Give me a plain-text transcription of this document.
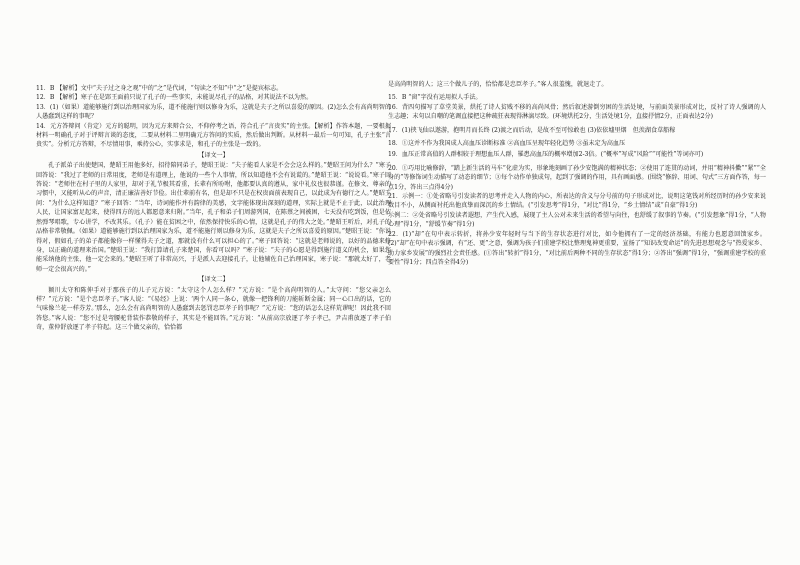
11．B 【解析】文中“夫子过之身之观”中的“之”是代词，“句读之不知”中“之”是提宾标志。

12．B 【解析】寒子在是郢王面前只说了孔子的一些事实，未能说尽孔子的品格，对其说法不以为然。

13．(1)（如果）道能够施行到以治理国家为乐，道不能施行则以修身为乐，这就是夫子之所以喜爱的原因。(2)怎么会有高尚明智的人愚蠢到这样的事呢？

14．元方答辩问（肯定）元方的聪明，因为元方来辩合公，不仰停考之语，符合孔子“言贵实”的主张。【解析】作答本题，一要根据材料一明确孔子对于评辩言谈的态度，二要从材料二里明确元方答问的实质，然后做出判断。从材料一最后一句可知，孔子主张“言贵实”。分析元方答辩，不尽情用事，乘持公心，实事求是，和孔子的主张是一致的。

【译文一】

孔子派弟子出使楚国，楚昭王用他多好，招待陪同弟子，楚昭王说：“夫子能看人家是不会会这么样的。”楚昭王问为什么？”寒子回答说：“我过了老师的日常用度，老师是有道理上，他说的一些个人事情，所以知道他不会有说谎的。”楚昭王说：“说说看。”寒子回答说：“老师住在村子里的人家里，却对于礼节极其看重，长辈有所吩咐，他都要认真的遵从，家中礼仪也很恭谨。在修文、尊亲的习惯中，又能听从心的声音，清正廉洁善好节俭。出仕辈前有名，但是却不只是在权贵面前表现自己，以此成为有德行之人。”楚昭王问：“为什么这样知道？”寒子回答：“当年，诗词能作并有韵律的美感，文字能体现出深刻的道理，实际上就是不止于此，以此治理人民，让国家富足起来，使得四方的远人都愿意来归附。”当年，孔子和弟子们周游列国，在陈蔡之间被困，七天没有吃到饭，但是依然弹琴唱歌，专心讲学，不改其乐。（孔子）能在贫困之中，依然保持快乐的心情，这就是孔子的伟大之处。”楚昭王听后，对孔子的品格非常敬佩。（如果）道能够施行到以治理国家为乐，道不能施行则以修身为乐，这就是夫子之所以喜爱的原因。”楚昭王说：“你说得对，假如孔子的弟子都能像你一样懂得夫子之道，那就没有什么可以担心的了。”寒子回答说：“这就是老师说的，以好的品德来修身，以正确的道理来治国。”楚昭王说：“我打算请孔子来楚国，你看可以吗？”寒子说：“夫子的心愿是得到施行道义的机会，如果您能采纳他的主张，他一定会来的。”楚昭王听了非常高兴，于是派人去迎接孔子，让他辅佐自己治理国家，寒子说：“那就太好了，老师一定会很高兴的。”

【译文二】

颍川太守和陈伸手对于那孩子的儿子元方说：“太守这个人怎么样？”元方说：“是个高尚明智的人。”太守问：“您父亲怎么样？”元方说：“是个忠臣孝子。”客人说：“《易经》上说：‘两个人同一条心，就像一把锋利的刀能斩断金属；同一心口出的话，它的气味像兰花一样芬芳。’那么，怎么会有高尚明智的人愚蠢到去惩罚忠臣孝子的事呢？”元方说：“您的话怎么这样荒谬呢！因此我不回答您。”客人说：“您不过是弯腰驼背装作恭敬的样子，其实是不能回答。”元方说：“从前高宗放逐了孝子孝己，尹吉甫放逐了孝子伯奇，董仲舒放逐了孝子符起。这三个做父亲的，恰恰都

是高尚明智的人；这三个做儿子的，恰恰都是忠臣孝子。”客人很羞愧，就退走了。

15．B “窗”字没有运用拟人手法。

16．背四句描写了草堂美景，烘托了诗人贫贱不移的高尚风骨；然后叙述游倒穷困的生活处境，与前面美景形成对比，反衬了诗人强调的人生志趣；末句以自嘲的笔调直接把这种疏狂表现得淋漓尽致。(环境烘托2分，生活处境1分，直接抒情2分，正面表达2分)

17．(1)挟飞仙以遨游，抱明月而长终 (2)渡之而后动，是故不至可惊敢也 (3)依依墟里烟　但羡湖食草船稼

18．①这并不作为我国成人高血压诊断标准 ②高血压呈现年轻化趋势 ③虽未定为高血压

19．血压正常高值的人群相较于理想血压人群，罹患高血压的概率增加2-3倍。(“概率”写成“风险”“可能性”等词亦可)

20．①巧用比喻修辞，“踏上新生活的马车”化虚为实，形象地刻画了孙少安饱满的精神状态；②使用了连贯的动词，并用“精神抖擞”“紧”“全身的”等修饰词生动描写了动态的细节；③每个动作单独成句，起到了强调的作用，具有画面感。(围绕“修辞、用词、句式”三方面作答，每一点1分，答出三点得4分)

21．示例一：①处省略号引发读者的思考并走入人物的内心，所表达的含义与分号前的句子形成对比，说明这笔钱对所经历时的孙少安来说数目不小，从侧面衬托出他真挚而深沉的乡土情结。(“引发思考”得1分，“对比”得1分，“乡土情结”或“自豪”得1分)

示例二：②处省略号引发读者遐想，产生代入感，展现了主人公对未来生活的希望与向往，也舒缓了叙事的节奏。(“引发想象”得1分，“人物心理”得1分，“舒缓节奏”得1分)

22．(1)“却”在句中表示转折，将孙少安年轻时与当下的生存状态进行对比，如今他拥有了一定的经济基础，有能力也愿意回馈家乡。(2)“却”在句中表示强调，有“还、更”之意，强调为孩子们重建学校比整理鬼神更重要，宣扬了“知识改变命运”的先进思想观念与“热爱家乡、助力家乡发展”的强烈社会责任感。(①答出“转折”得1分，“对比前后两种不同的生存状态”得1分；②答出“强调”得1分，“强调重建学校的重要性”得1分；四点答全得4分)
